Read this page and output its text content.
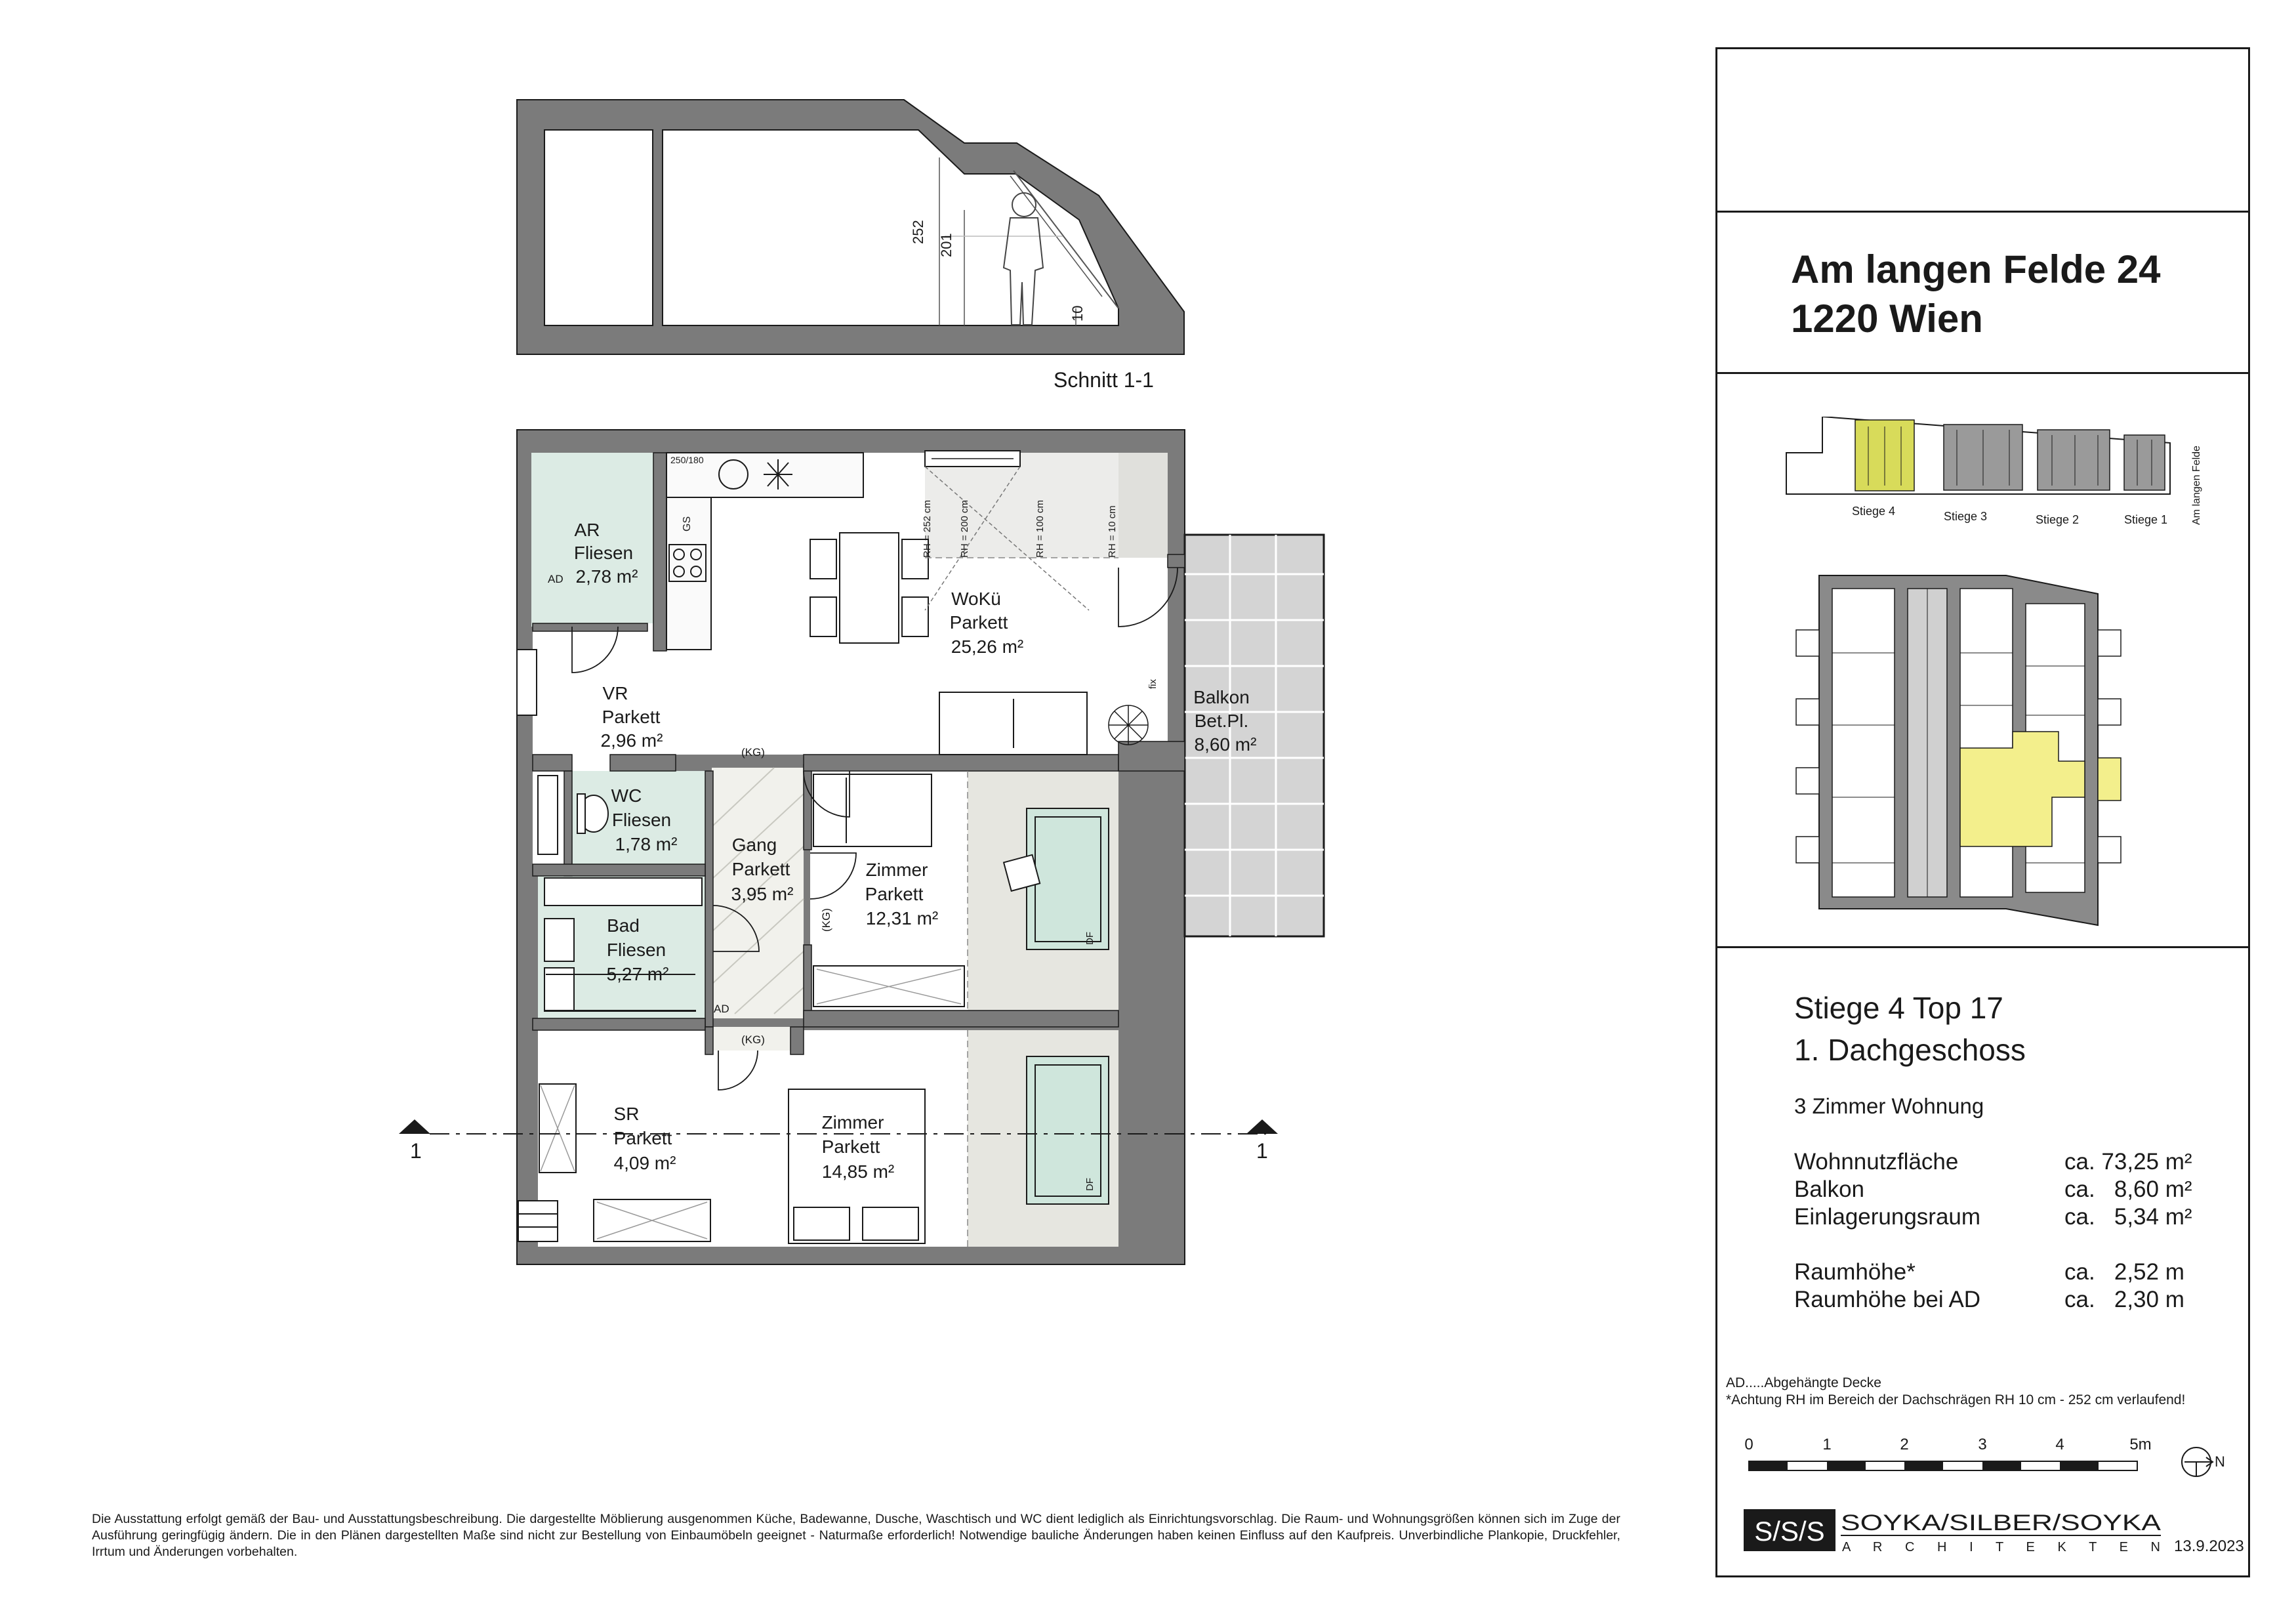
252
201
10
Schnitt 1-1
1	1
AD
AD
(KG)
(KG)
(KG)
250/180
GS
fix
DF
DF
RH = 252 cm	RH = 200 cm	RH = 100 cm	RH = 10 cm
AR
Fliesen
2,78 m²
VR
Parkett
2,96 m²
WoKü
Parkett
25,26 m²
Balkon
Bet.Pl.
8,60 m²
WC
Fliesen
1,78 m²	Gang
Parkett
3,95 m²
Zimmer
Parkett
12,31 m²
Bad
Fliesen
5,27 m²
SR
Parkett
4,09 m²
Zimmer
Parkett
14,85 m²
Am langen Felde 24
1220 Wien
Am langen Felde
Stiege 4	Stiege 3	Stiege 2	Stiege 1
Stiege 4 Top 17
1. Dachgeschoss
3 Zimmer Wohnung
Wohnnutzfläche	ca. 73,25 m²
Balkon	ca.   8,60 m²
Einlagerungsraum	ca.   5,34 m²
Raumhöhe*	ca.   2,52 m
Raumhöhe bei AD	ca.   2,30 m
AD.....Abgehängte Decke
*Achtung RH im Bereich der Dachschrägen RH 10 cm - 252 cm verlaufend!
0	1	2	3	4	5m
N
S/S/S SOYKA/SILBER/SOYKA
A R C H I T E K T E N 13.9.2023
Die Ausstattung erfolgt gemäß der Bau- und Ausstattungsbeschreibung. Die dargestellte Möblierung ausgenommen Küche, Badewanne, Dusche, Waschtisch und WC dient lediglich als Einrichtungsvorschlag. Die Raum- und Wohnungsgrößen können sich im Zuge der Ausführung geringfügig ändern. Die in den Plänen dargestellten Maße sind nicht zur Bestellung von Einbaumöbeln geeignet - Naturmaße erforderlich! Notwendige bauliche Änderungen haben keinen Einfluss auf den Kaufpreis. Unverbindliche Plankopie, Druckfehler, Irrtum und Änderungen vorbehalten.
